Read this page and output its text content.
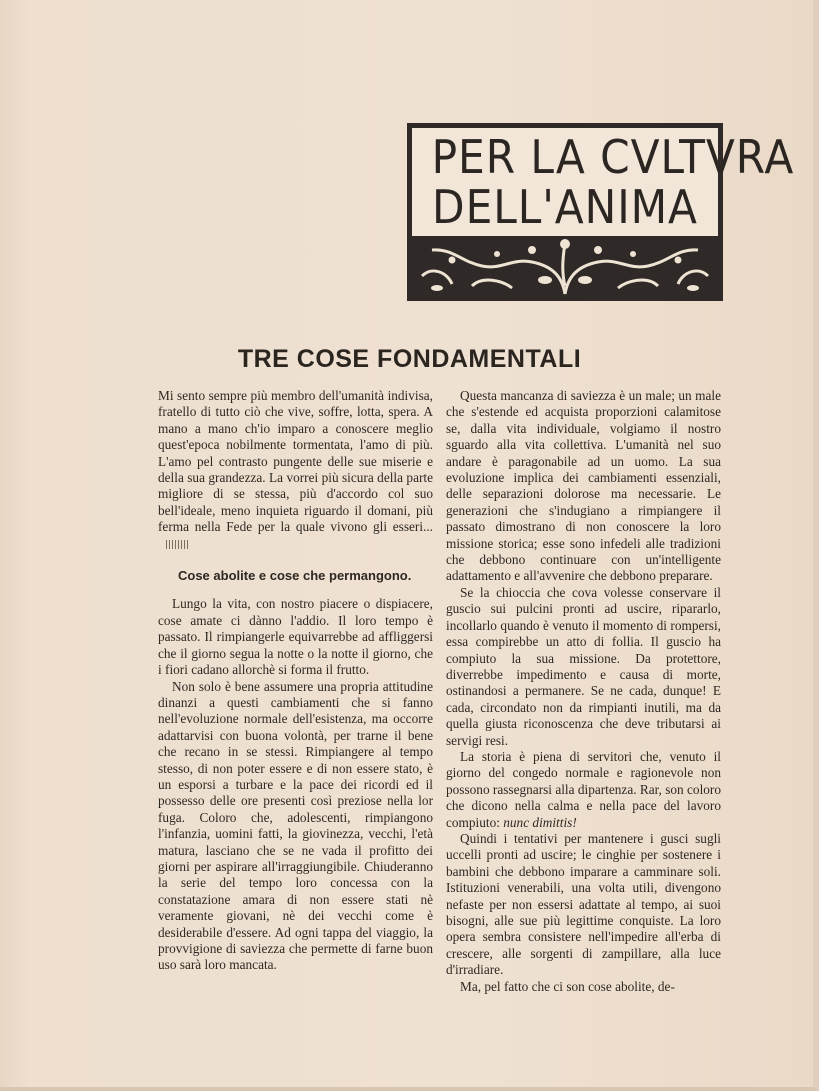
PER LA CVLTVRA
DELL'ANIMA
TRE COSE FONDAMENTALI

Mi sento sempre più membro dell'umanità indivisa, fratello di tutto ciò che vive, soffre, lotta, spera. A mano a mano ch'io imparo a conoscere meglio quest'epoca nobilmente tormentata, l'amo di più. L'amo pel contrasto pungente delle sue miserie e della sua grandezza. La vorrei più sicura della parte migliore di se stessa, più d'accordo col suo bell'ideale, meno inquieta riguardo il domani, più ferma nella Fede per la quale vivono gli esseri...

Cose abolite e cose che permangono.

Lungo la vita, con nostro piacere o dispiacere, cose amate ci dànno l'addio. Il loro tempo è passato. Il rimpiangerle equivarrebbe ad affliggersi che il giorno segua la notte o la notte il giorno, che i fiori cadano allorchè si forma il frutto.

Non solo è bene assumere una propria attitudine dinanzi a questi cambiamenti che si fanno nell'evoluzione normale dell'esistenza, ma occorre adattarvisi con buona volontà, per trarne il bene che recano in se stessi. Rimpiangere al tempo stesso, di non poter essere e di non essere stato, è un esporsi a turbare e la pace dei ricordi ed il possesso delle ore presenti così preziose nella lor fuga. Coloro che, adolescenti, rimpiangono l'infanzia, uomini fatti, la giovinezza, vecchi, l'età matura, lasciano che se ne vada il profitto dei giorni per aspirare all'irraggiungibile. Chiuderanno la serie del tempo loro concessa con la constatazione amara di non essere stati nè veramente giovani, nè dei vecchi come è desiderabile d'essere. Ad ogni tappa del viaggio, la provvigione di saviezza che permette di farne buon uso sarà loro mancata.

Questa mancanza di saviezza è un male; un male che s'estende ed acquista proporzioni calamitose se, dalla vita individuale, volgiamo il nostro sguardo alla vita collettiva. L'umanità nel suo andare è paragonabile ad un uomo. La sua evoluzione implica dei cambiamenti essenziali, delle separazioni dolorose ma necessarie. Le generazioni che s'indugiano a rimpiangere il passato dimostrano di non conoscere la loro missione storica; esse sono infedeli alle tradizioni che debbono continuare con un'intelligente adattamento e all'avvenire che debbono preparare.

Se la chioccia che cova volesse conservare il guscio sui pulcini pronti ad uscire, ripararlo, incollarlo quando è venuto il momento di rompersi, essa compirebbe un atto di follia. Il guscio ha compiuto la sua missione. Da protettore, diverrebbe impedimento e causa di morte, ostinandosi a permanere. Se ne cada, dunque! E cada, circondato non da rimpianti inutili, ma da quella giusta riconoscenza che deve tributarsi ai servigi resi.

La storia è piena di servitori che, venuto il giorno del congedo normale e ragionevole non possono rassegnarsi alla dipartenza. Rar, son coloro che dicono nella calma e nella pace del lavoro compiuto: nunc dimittis!

Quindi i tentativi per mantenere i gusci sugli uccelli pronti ad uscire; le cinghie per sostenere i bambini che debbono imparare a camminare soli. Istituzioni venerabili, una volta utili, divengono nefaste per non essersi adattate al tempo, ai suoi bisogni, alle sue più legittime conquiste. La loro opera sembra consistere nell'impedire all'erba di crescere, alle sorgenti di zampillare, alla luce d'irradiare.

Ma, pel fatto che ci son cose abolite, de-
